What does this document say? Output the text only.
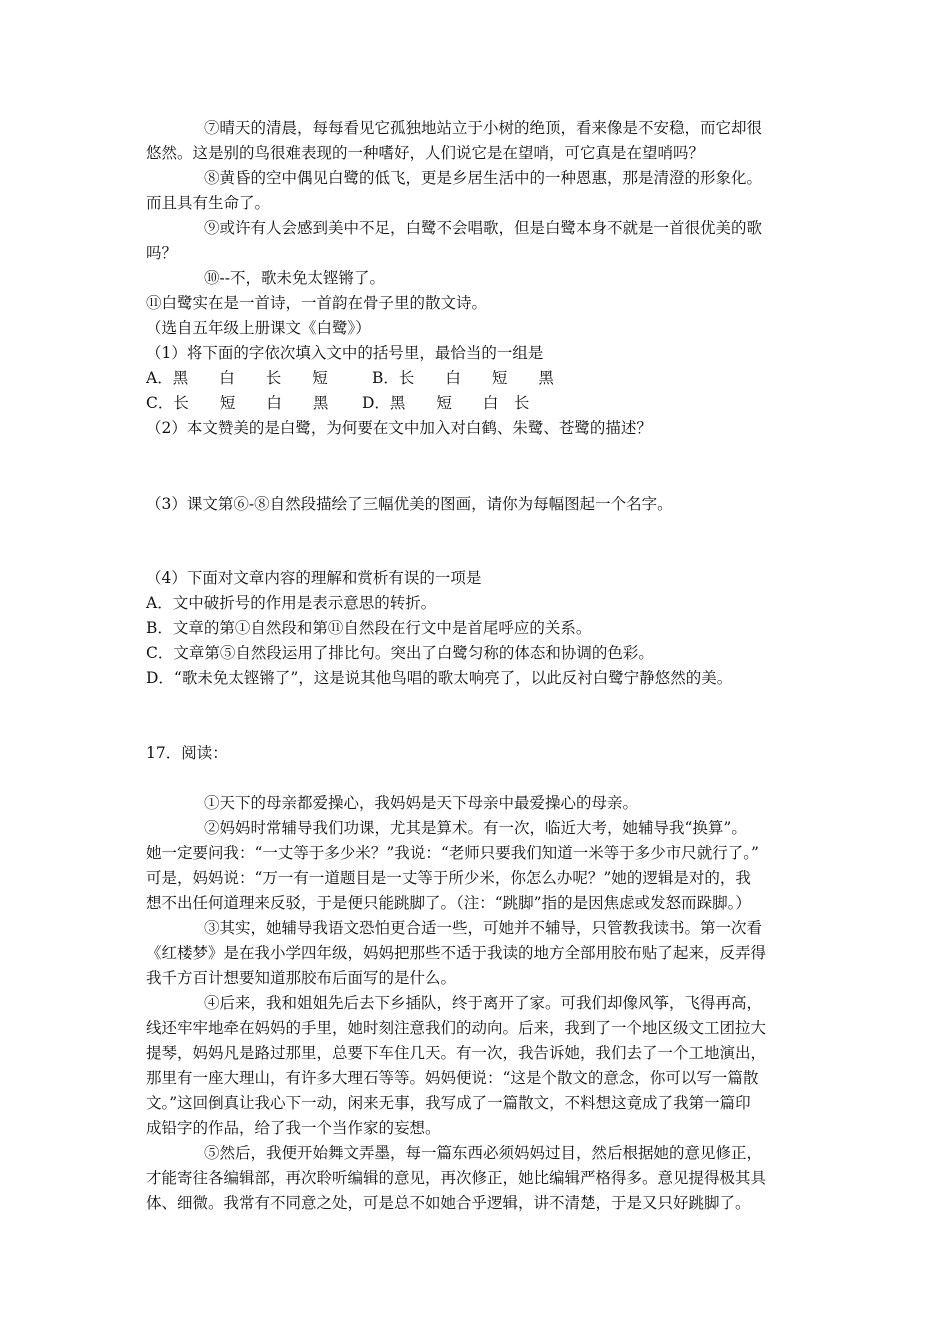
⑦晴天的清晨，每每看见它孤独地站立于小树的绝顶，看来像是不安稳，而它却很
悠然。这是别的鸟很难表现的一种嗜好，人们说它是在望哨，可它真是在望哨吗？
⑧黄昏的空中偶见白鹭的低飞，更是乡居生活中的一种恩惠，那是清澄的形象化。
而且具有生命了。
⑨或许有人会感到美中不足，白鹭不会唱歌，但是白鹭本身不就是一首很优美的歌
吗？
⑩--不，歌未免太铿锵了。
⑪白鹭实在是一首诗，一首韵在骨子里的散文诗。
（选自五年级上册课文《白鹭》）
（1）将下面的字依次填入文中的括号里，最恰当的一组是
A．黑　　白　　长　　短	B．长　　白　　短　　黑
C．长　　短　　白　　黑 D．黑　　短　　白　长
（2）本文赞美的是白鹭，为何要在文中加入对白鹤、朱鹭、苍鹭的描述？
（3）课文第⑥-⑧自然段描绘了三幅优美的图画，请你为每幅图起一个名字。
（4）下面对文章内容的理解和赏析有误的一项是
A．文中破折号的作用是表示意思的转折。
B．文章的第①自然段和第⑪自然段在行文中是首尾呼应的关系。
C．文章第⑤自然段运用了排比句。突出了白鹭匀称的体态和协调的色彩。
D．“歌未免太铿锵了”，这是说其他鸟唱的歌太响亮了，以此反衬白鹭宁静悠然的美。
17．阅读：
①天下的母亲都爱操心，我妈妈是天下母亲中最爱操心的母亲。
②妈妈时常辅导我们功课，尤其是算术。有一次，临近大考，她辅导我“换算”。
她一定要问我：“一丈等于多少米？”我说：“老师只要我们知道一米等于多少市尺就行了。”
可是，妈妈说：“万一有一道题目是一丈等于所少米，你怎么办呢？”她的逻辑是对的，我
想不出任何道理来反驳，于是便只能跳脚了。（注：“跳脚”指的是因焦虑或发怒而跺脚。）
③其实，她辅导我语文恐怕更合适一些，可她并不辅导，只管教我读书。第一次看
《红楼梦》是在我小学四年级，妈妈把那些不适于我读的地方全部用胶布贴了起来，反弄得
我千方百计想要知道那胶布后面写的是什么。
④后来，我和姐姐先后去下乡插队，终于离开了家。可我们却像风筝，飞得再高，
线还牢牢地牵在妈妈的手里，她时刻注意我们的动向。后来，我到了一个地区级文工团拉大
提琴，妈妈凡是路过那里，总要下车住几天。有一次，我告诉她，我们去了一个工地演出，
那里有一座大理山，有许多大理石等等。妈妈便说：“这是个散文的意念，你可以写一篇散
文。”这回倒真让我心下一动，闲来无事，我写成了一篇散文，不料想这竟成了我第一篇印
成铅字的作品，给了我一个当作家的妄想。
⑤然后，我便开始舞文弄墨，每一篇东西必须妈妈过目，然后根据她的意见修正，
才能寄往各编辑部，再次聆听编辑的意见，再次修正，她比编辑严格得多。意见提得极其具
体、细微。我常有不同意之处，可是总不如她合乎逻辑，讲不清楚，于是又只好跳脚了。
